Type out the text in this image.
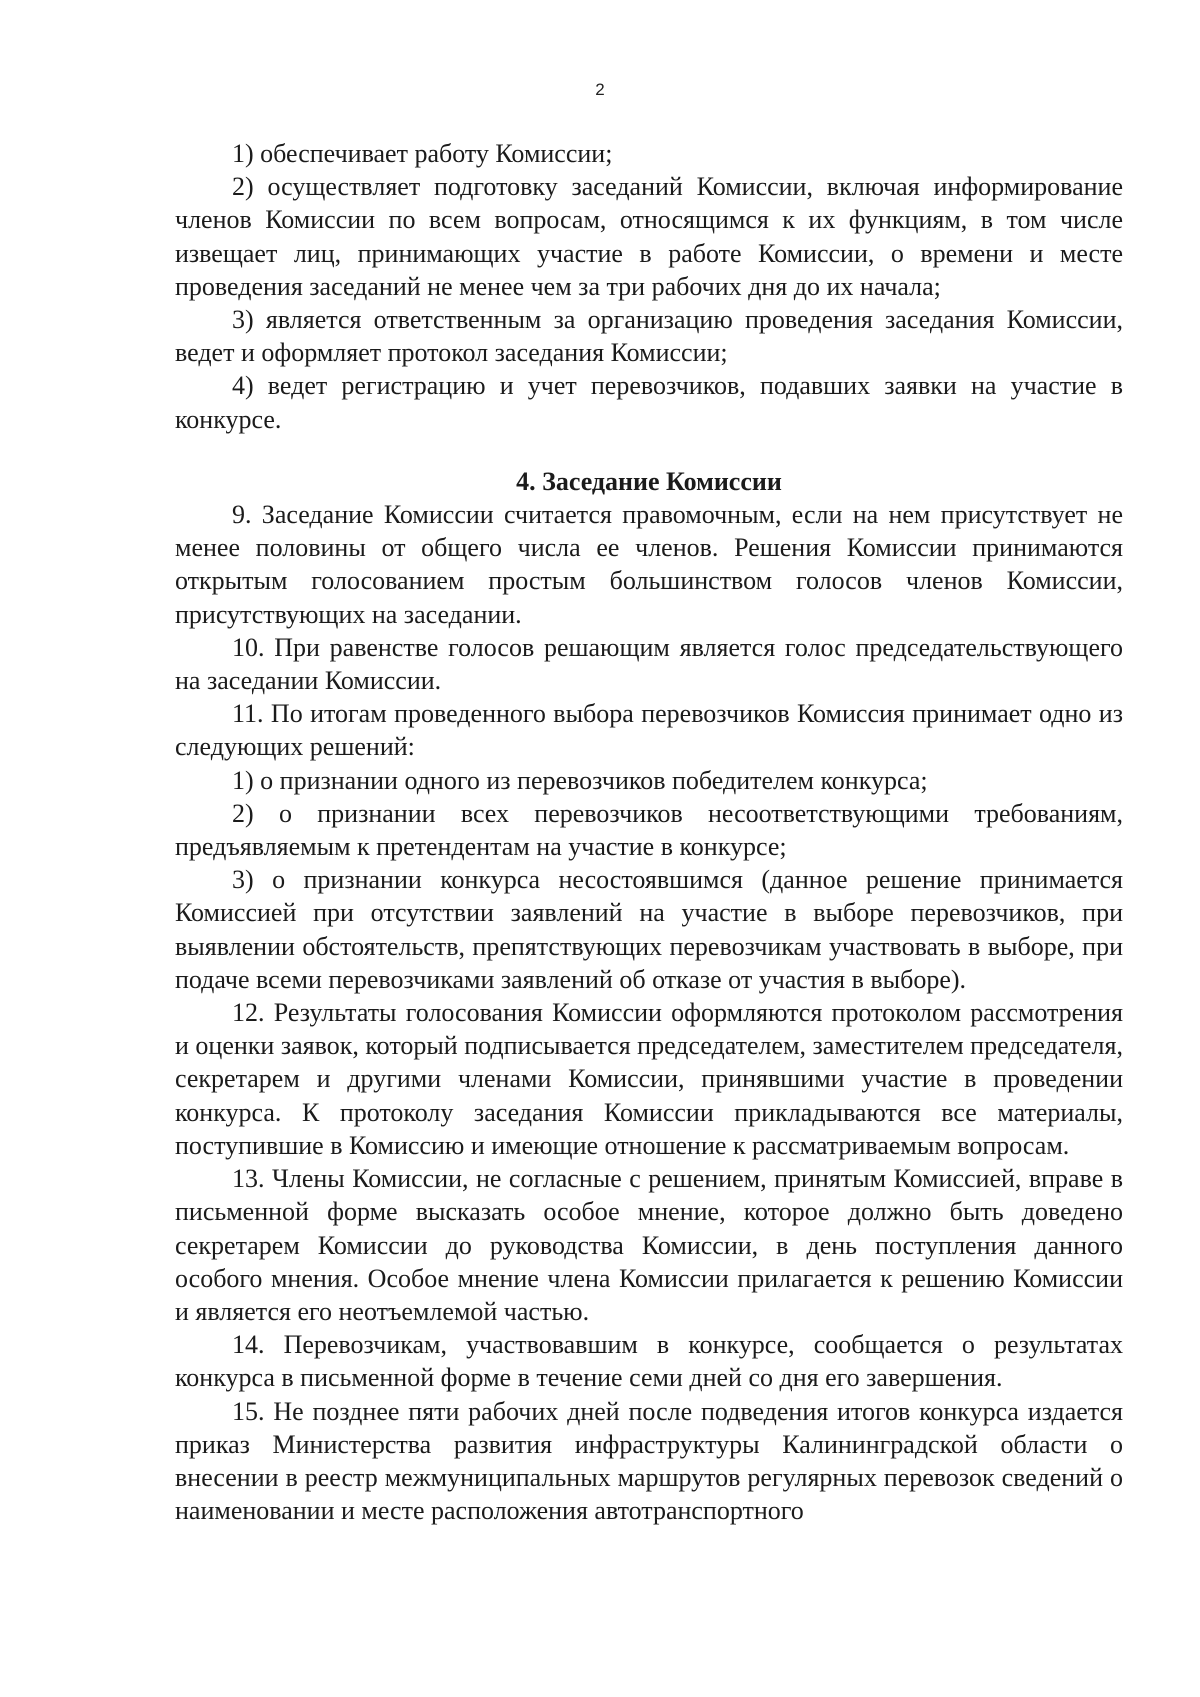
2

1) обеспечивает работу Комиссии;

2) осуществляет подготовку заседаний Комиссии, включая информирование членов Комиссии по всем вопросам, относящимся к их функциям, в том числе извещает лиц, принимающих участие в работе Комиссии, о времени и месте проведения заседаний не менее чем за три рабочих дня до их начала;

3) является ответственным за организацию проведения заседания Комиссии, ведет и оформляет протокол заседания Комиссии;

4) ведет регистрацию и учет перевозчиков, подавших заявки на участие в конкурсе.

4. Заседание Комиссии

9. Заседание Комиссии считается правомочным, если на нем присутствует не менее половины от общего числа ее членов. Решения Комиссии принимаются открытым голосованием простым большинством голосов членов Комиссии, присутствующих на заседании.

10. При равенстве голосов решающим является голос председательствующего на заседании Комиссии.

11. По итогам проведенного выбора перевозчиков Комиссия принимает одно из следующих решений:

1) о признании одного из перевозчиков победителем конкурса;

2) о признании всех перевозчиков несоответствующими требованиям, предъявляемым к претендентам на участие в конкурсе;

3) о признании конкурса несостоявшимся (данное решение принимается Комиссией при отсутствии заявлений на участие в выборе перевозчиков, при выявлении обстоятельств, препятствующих перевозчикам участвовать в выборе, при подаче всеми перевозчиками заявлений об отказе от участия в выборе).

12. Результаты голосования Комиссии оформляются протоколом рассмотрения и оценки заявок, который подписывается председателем, заместителем председателя, секретарем и другими членами Комиссии, принявшими участие в проведении конкурса. К протоколу заседания Комиссии прикладываются все материалы, поступившие в Комиссию и имеющие отношение к рассматриваемым вопросам.

13. Члены Комиссии, не согласные с решением, принятым Комиссией, вправе в письменной форме высказать особое мнение, которое должно быть доведено секретарем Комиссии до руководства Комиссии, в день поступления данного особого мнения. Особое мнение члена Комиссии прилагается к решению Комиссии и является его неотъемлемой частью.

14. Перевозчикам, участвовавшим в конкурсе, сообщается о результатах конкурса в письменной форме в течение семи дней со дня его завершения.

15. Не позднее пяти рабочих дней после подведения итогов конкурса издается приказ Министерства развития инфраструктуры Калининградской области о внесении в реестр межмуниципальных маршрутов регулярных перевозок сведений о наименовании и месте расположения автотранспортного
